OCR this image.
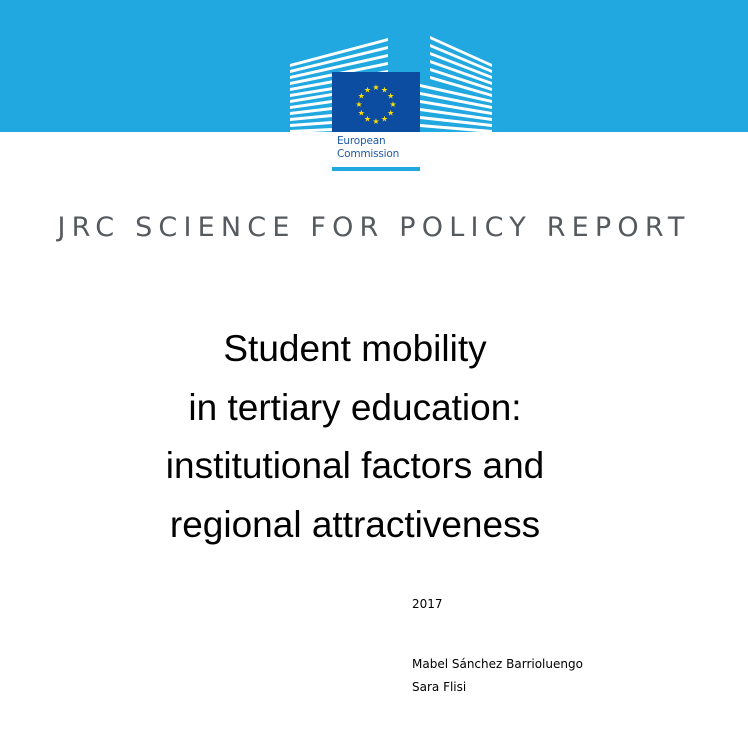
★ ★
★
★
★
★
★
★
★
★
★
★
European
Commission
JRC SCIENCE FOR POLICY REPORT
Student mobility
in tertiary education:
institutional factors and
regional attractiveness
2017
Mabel Sánchez Barrioluengo
Sara Flisi
